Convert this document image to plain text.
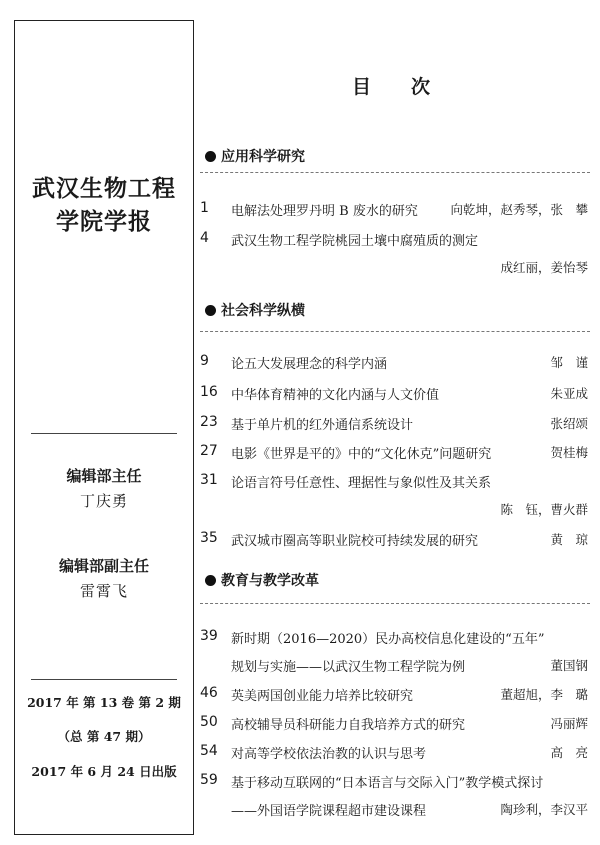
武汉生物工程
学院学报
编辑部主任
丁庆勇
编辑部副主任
雷霄飞
2017 年 第 13 卷 第 2 期
（总 第 47 期）
2017 年 6 月 24 日出版
目次
应用科学研究
1	电解法处理罗丹明 B 废水的研究	向乾坤，赵秀琴，张　攀
4	武汉生物工程学院桃园土壤中腐殖质的测定
成红丽，姜怡琴
社会科学纵横
9	论五大发展理念的科学内涵	邹　谨
16	中华体育精神的文化内涵与人文价值	朱亚成
23	基于单片机的红外通信系统设计	张绍颂
27	电影《世界是平的》中的“文化休克”问题研究	贺桂梅
31	论语言符号任意性、理据性与象似性及其关系
陈　钰，曹火群
35	武汉城市圈高等职业院校可持续发展的研究	黄　琼
教育与教学改革
39	新时期（2016—2020）民办高校信息化建设的“五年”
规划与实施——以武汉生物工程学院为例	董国钢
46	英美两国创业能力培养比较研究	董超旭，李　璐
50	高校辅导员科研能力自我培养方式的研究	冯丽辉
54	对高等学校依法治教的认识与思考	高　亮
59	基于移动互联网的“日本语言与交际入门”教学模式探讨
——外国语学院课程超市建设课程	陶珍利，李汉平
